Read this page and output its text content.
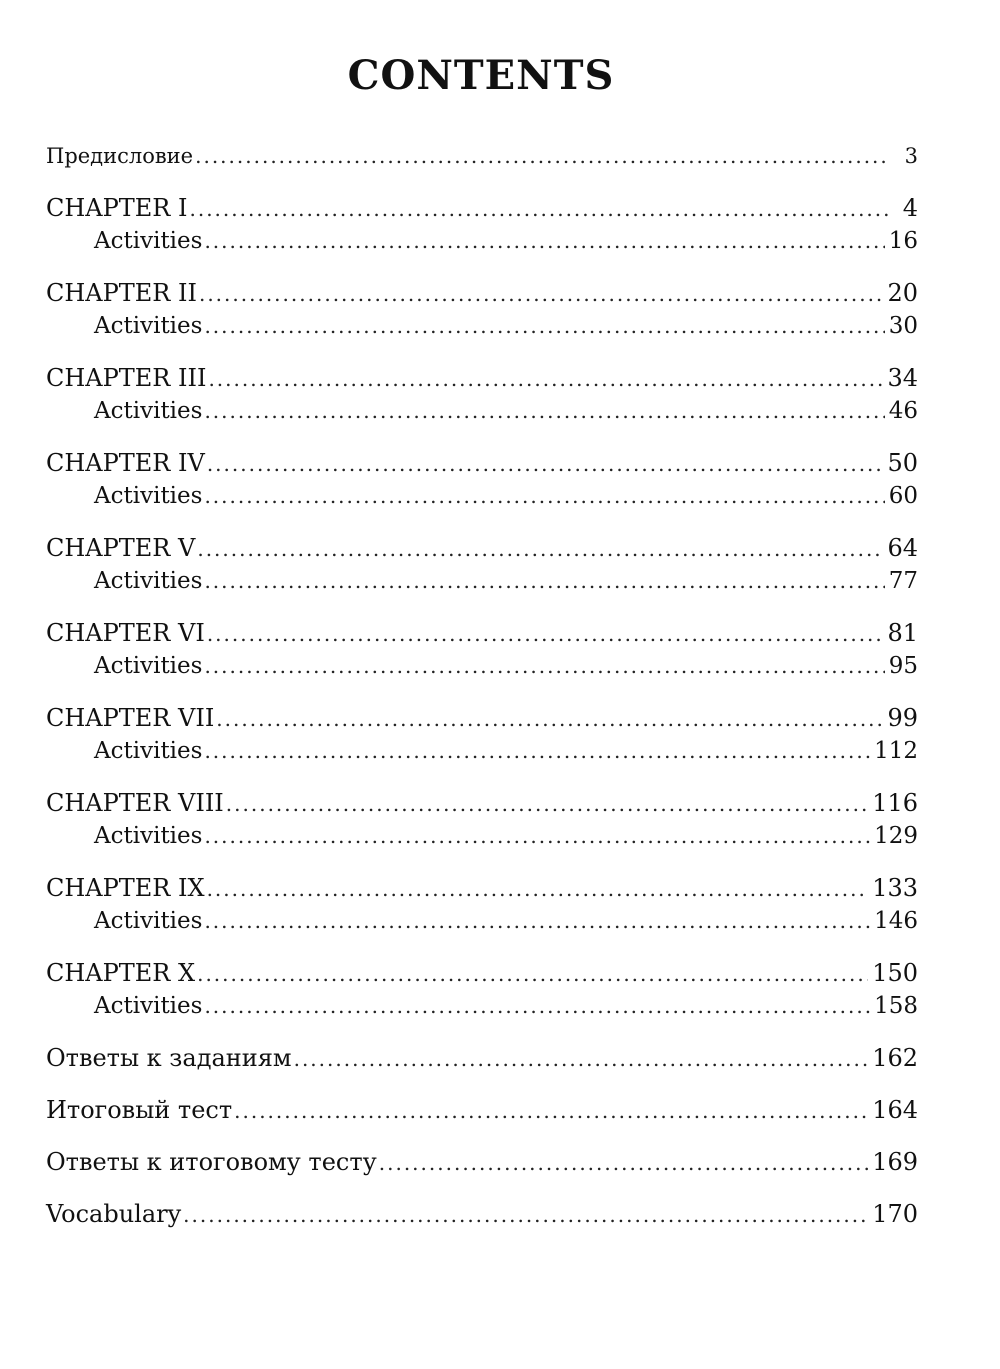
CONTENTS
Предисловие .....	3
CHAPTER I .....	4
Activities .....	16
CHAPTER II .....	20
Activities .....	30
CHAPTER III .....	34
Activities .....	46
CHAPTER IV .....	50
Activities .....	60
CHAPTER V .....	64
Activities .....	77
CHAPTER VI .....	81
Activities .....	95
CHAPTER VII .....	99
Activities .....	112
CHAPTER VIII .....	116
Activities .....	129
CHAPTER IX .....	133
Activities .....	146
CHAPTER X .....	150
Activities .....	158
Ответы к заданиям .....	162
Итоговый тест .....	164
Ответы к итоговому тесту .....	169
Vocabulary .....	170
